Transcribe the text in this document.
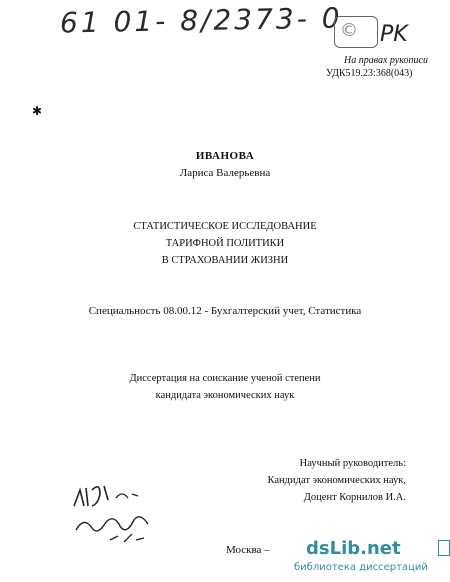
61 01- 8/2373- 0
© PK
На правах рукописи
УДК519.23:368(043)
✱
ИВАНОВА
Лариса Валерьевна
СТАТИСТИЧЕСКОЕ ИССЛЕДОВАНИЕ
ТАРИФНОЙ ПОЛИТИКИ
В СТРАХОВАНИИ ЖИЗНИ
Специальность 08.00.12 - Бухгалтерский учет, Статистика
Диссертация на соискание ученой степени
кандидата экономических наук
Научный руководитель:
Кандидат экономических наук,
Доцент Корнилов И.А.
Москва – dsLib.net
библиотека диссертаций
